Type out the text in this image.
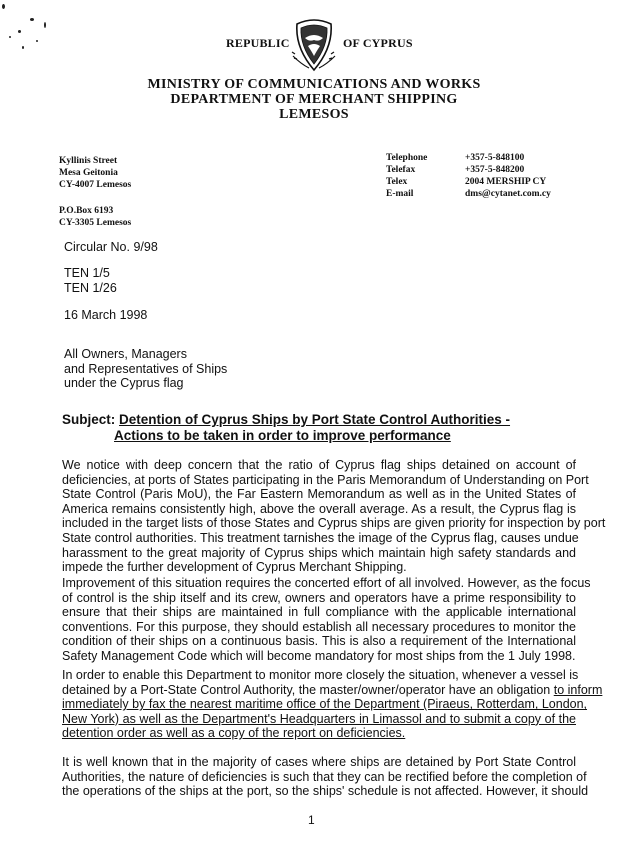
REPUBLIC	OF CYPRUS
MINISTRY OF COMMUNICATIONS AND WORKS
DEPARTMENT OF MERCHANT SHIPPING
LEMESOS
Kyllinis Street
Mesa Geitonia
CY-4007 Lemesos
P.O.Box 6193
CY-3305 Lemesos
Telephone
Telefax
Telex
E-mail
+357-5-848100
+357-5-848200
2004 MERSHIP CY
dms@cytanet.com.cy
Circular No. 9/98
TEN 1/5
TEN 1/26
16 March 1998
All Owners, Managers
and Representatives of Ships
under the Cyprus flag
Subject: Detention of Cyprus Ships by Port State Control Authorities -
Actions to be taken in order to improve performance
We notice with deep concern that the ratio of Cyprus flag ships detained on account of
deficiencies, at ports of States participating in the Paris Memorandum of Understanding on Port
State Control (Paris MoU), the Far Eastern Memorandum as well as in the United States of
America remains consistently high, above the overall average. As a result, the Cyprus flag is
included in the target lists of those States and Cyprus ships are given priority for inspection by port
State control authorities. This treatment tarnishes the image of the Cyprus flag, causes undue
harassment to the great majority of Cyprus ships which maintain high safety standards and
impede the further development of Cyprus Merchant Shipping.
Improvement of this situation requires the concerted effort of all involved. However, as the focus
of control is the ship itself and its crew, owners and operators have a prime responsibility to
ensure that their ships are maintained in full compliance with the applicable international
conventions. For this purpose, they should establish all necessary procedures to monitor the
condition of their ships on a continuous basis. This is also a requirement of the International
Safety Management Code which will become mandatory for most ships from the 1 July 1998.
In order to enable this Department to monitor more closely the situation, whenever a vessel is
detained by a Port-State Control Authority, the master/owner/operator have an obligation to inform
immediately by fax the nearest maritime office of the Department (Piraeus, Rotterdam, London,
New York) as well as the Department's Headquarters in Limassol and to submit a copy of the
detention order as well as a copy of the report on deficiencies.
It is well known that in the majority of cases where ships are detained by Port State Control
Authorities, the nature of deficiencies is such that they can be rectified before the completion of
the operations of the ships at the port, so the ships' schedule is not affected. However, it should
1
